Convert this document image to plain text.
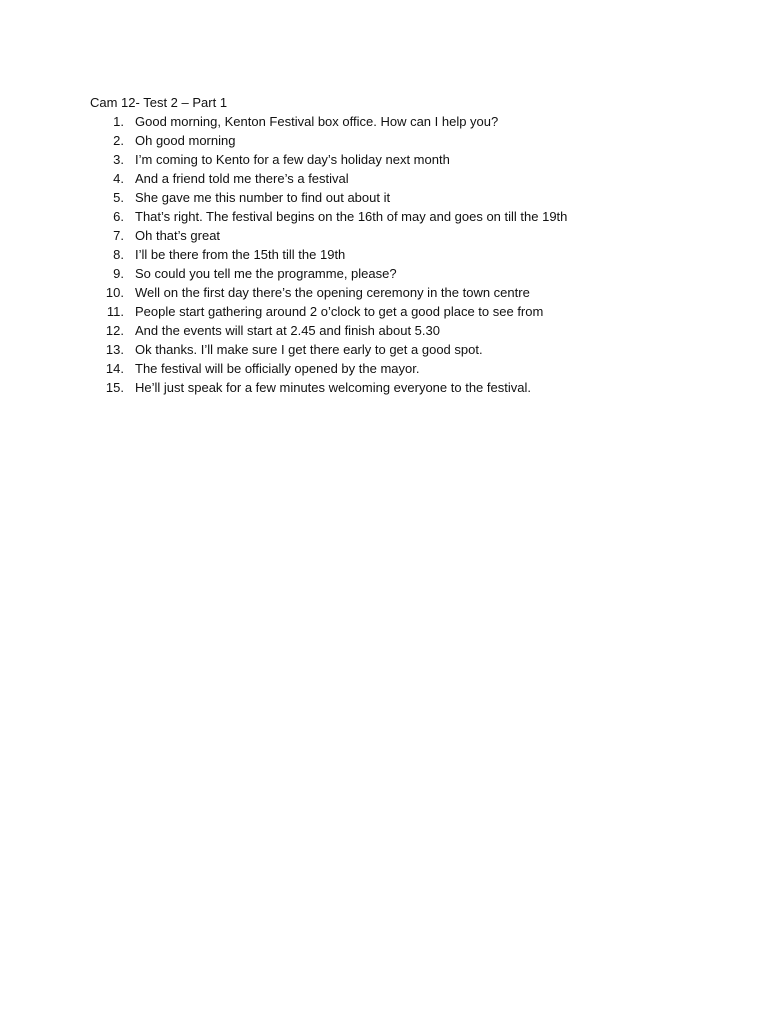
Cam 12- Test 2 – Part 1
1. Good morning, Kenton Festival box office. How can I help you?
2. Oh good morning
3. I’m coming to Kento for a few day’s holiday next month
4. And a friend told me there’s a festival
5. She gave me this number to find out about it
6. That’s right. The festival begins on the 16th of may and goes on till the 19th
7. Oh that’s great
8. I’ll be there from the 15th till the 19th
9. So could you tell me the programme, please?
10. Well on the first day there’s the opening ceremony in the town centre
11. People start gathering around 2 o’clock to get a good place to see from
12. And the events will start at 2.45 and finish about 5.30
13. Ok thanks. I’ll make sure I get there early to get a good spot.
14. The festival will be officially opened by the mayor.
15. He’ll just speak for a few minutes welcoming everyone to the festival.
